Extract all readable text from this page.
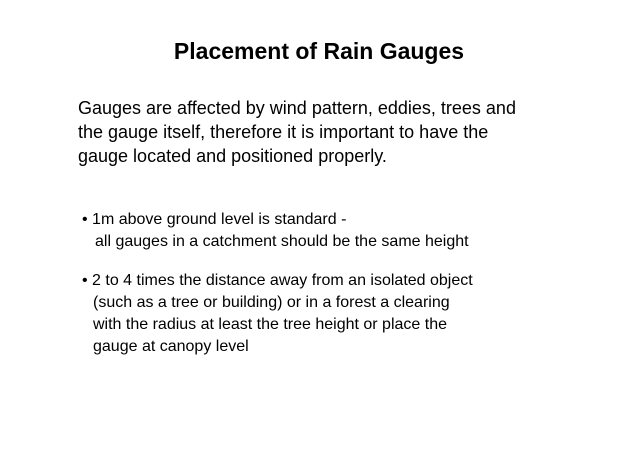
Placement of Rain Gauges
Gauges are affected by wind pattern, eddies, trees and
the gauge itself, therefore it is important to have the
gauge located and positioned properly.
• 1m above ground level is standard -
all gauges in a catchment should be the same height
• 2 to 4 times the distance away from an isolated object
(such as a tree or building) or in a forest a clearing
with the radius at least the tree height or place the
gauge at canopy level
